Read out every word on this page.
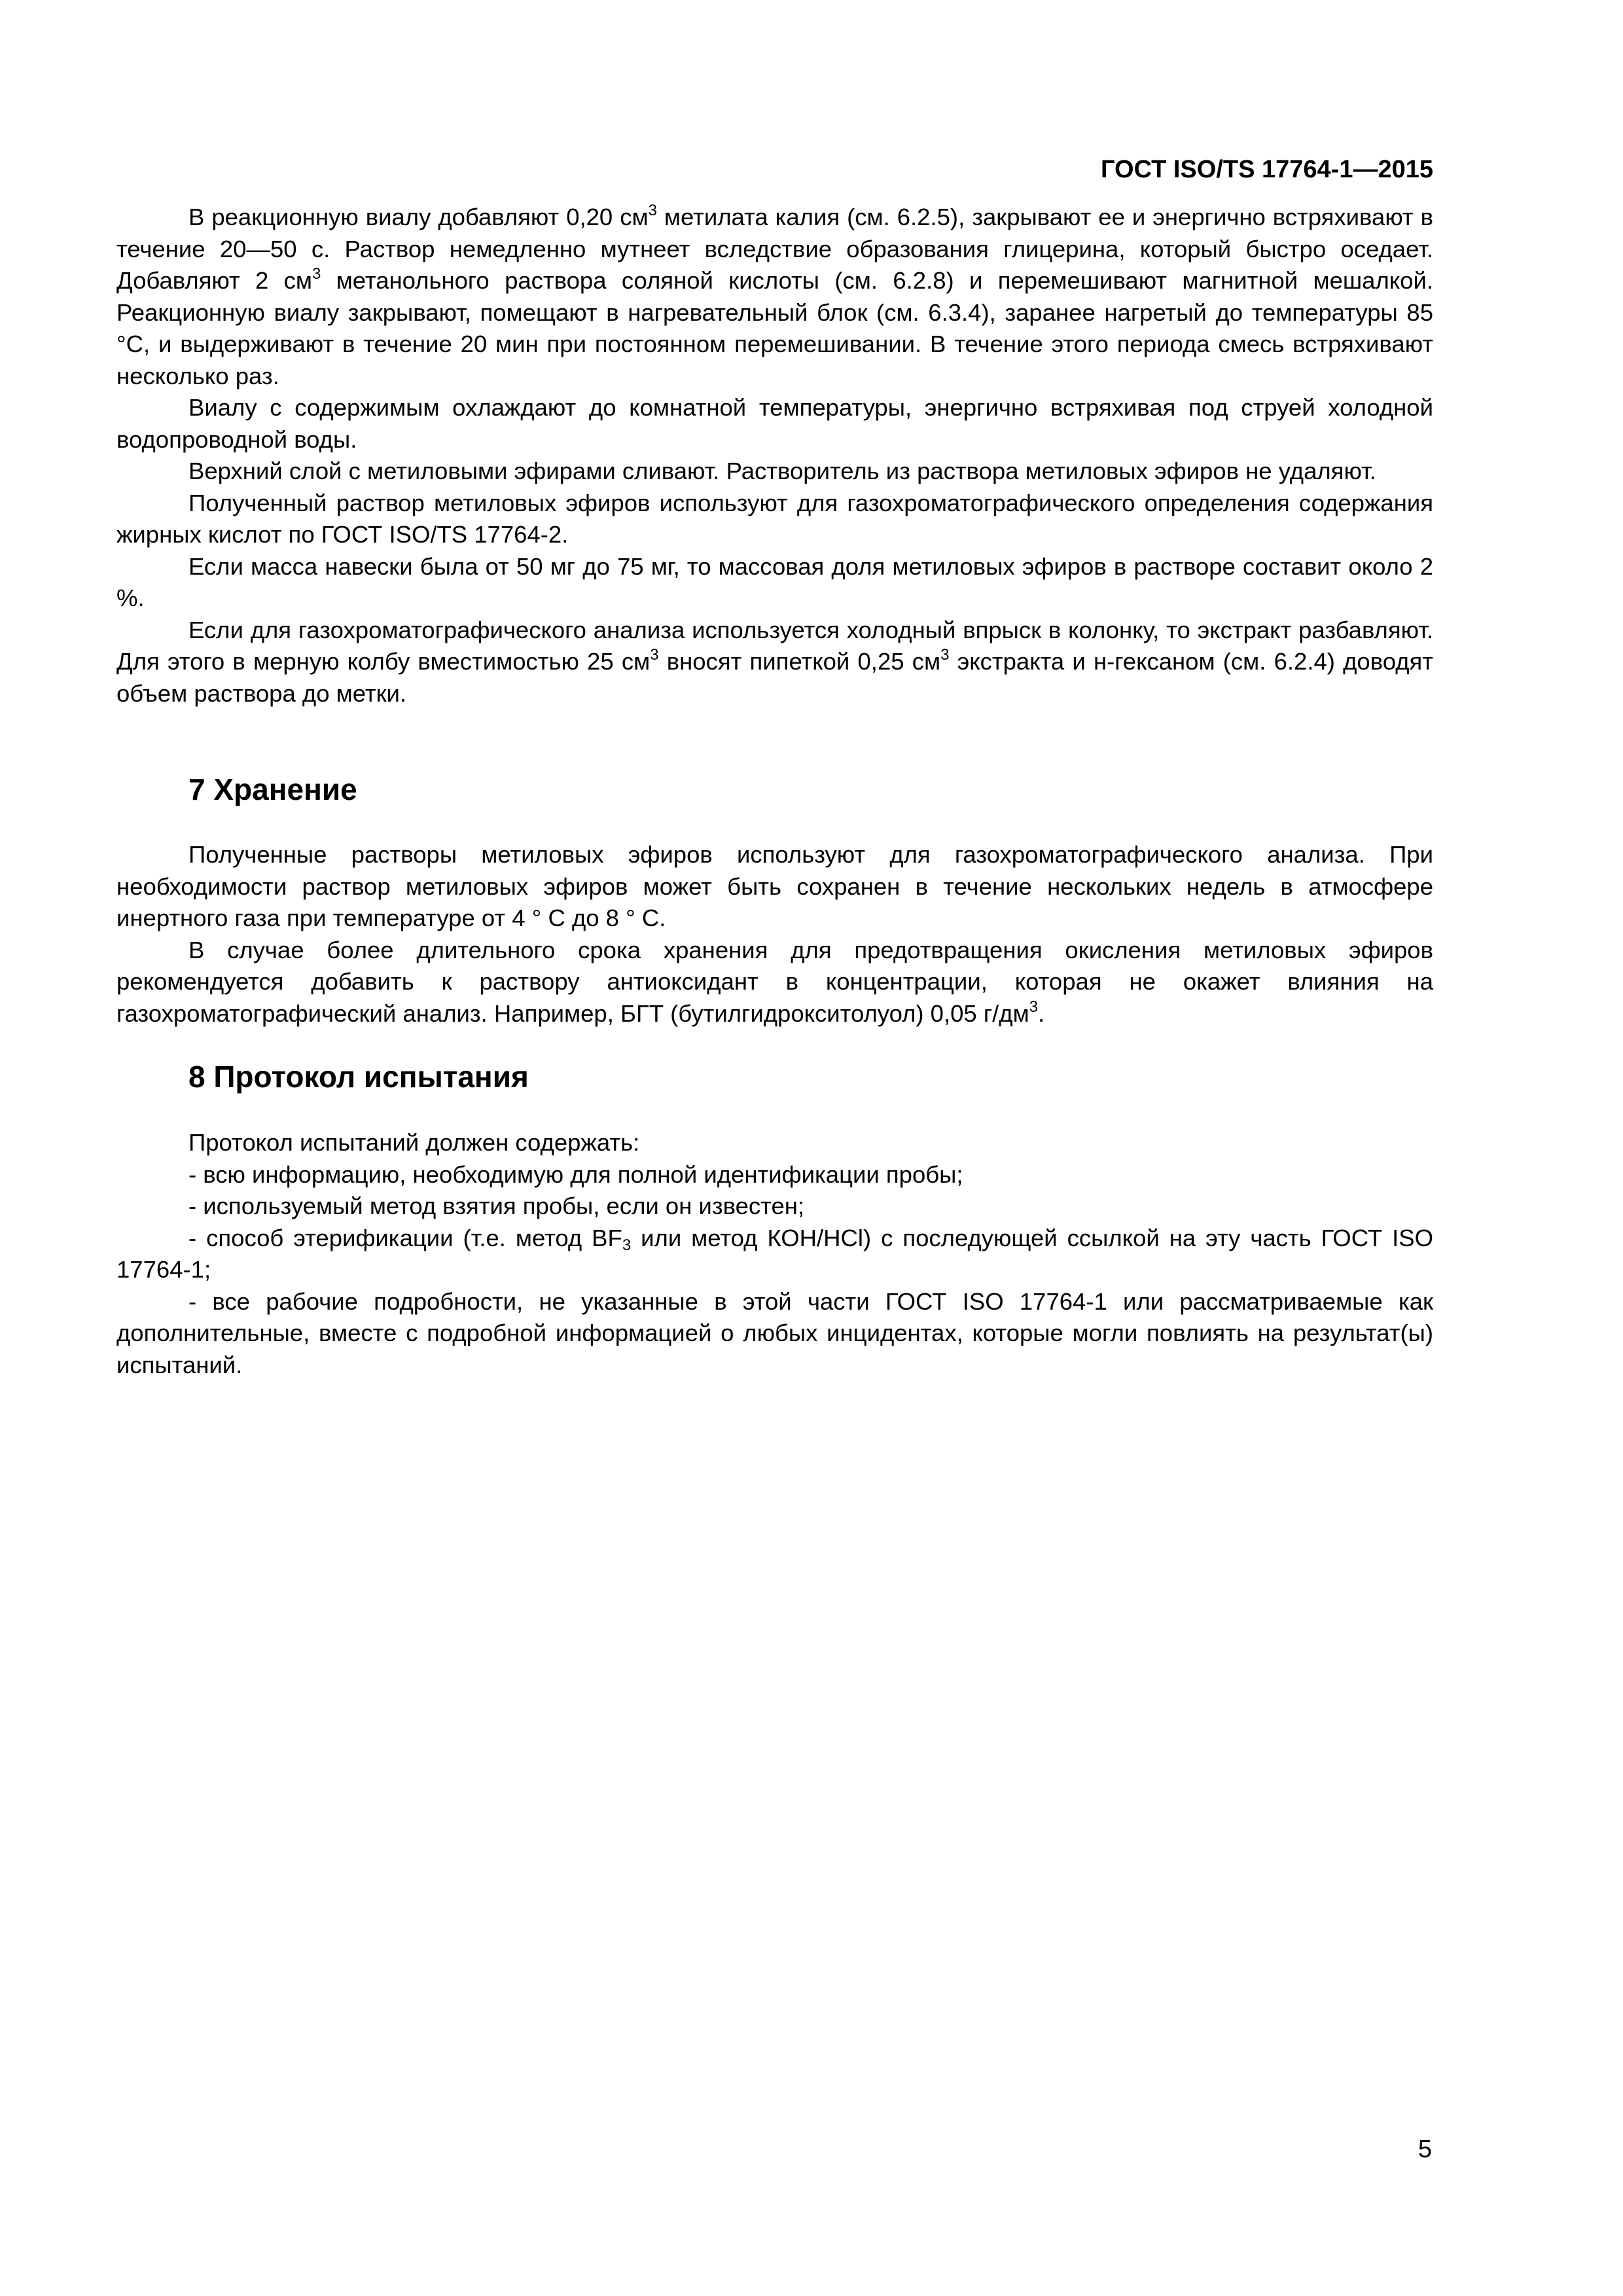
ГОСТ ISO/TS 17764-1—2015

В реакционную виалу добавляют 0,20 $см^3$ метилата калия (см. 6.2.5), закрывают ее и энергично встряхивают в течение 20—50 с. Раствор немедленно мутнеет вследствие образования глицерина, который быстро оседает. Добавляют 2 $см^3$ метанольного раствора соляной кислоты (см. 6.2.8) и перемешивают магнитной мешалкой. Реакционную виалу закрывают, помещают в нагревательный блок (см. 6.3.4), заранее нагретый до температуры 85 °C, и выдерживают в течение 20 мин при постоянном перемешивании. В течение этого периода смесь встряхивают несколько раз.

Виалу с содержимым охлаждают до комнатной температуры, энергично встряхивая под струей холодной водопроводной воды.

Верхний слой с метиловыми эфирами сливают. Растворитель из раствора метиловых эфиров не удаляют.

Полученный раствор метиловых эфиров используют для газохроматографического определения содержания жирных кислот по ГОСТ ISO/TS 17764-2.

Если масса навески была от 50 мг до 75 мг, то массовая доля метиловых эфиров в растворе составит около 2 %.

Если для газохроматографического анализа используется холодный впрыск в колонку, то экстракт разбавляют. Для этого в мерную колбу вместимостью 25 $см^3$ вносят пипеткой 0,25 $см^3$ экстракта и н-гексаном (см. 6.2.4) доводят объем раствора до метки.

7 Хранение

Полученные растворы метиловых эфиров используют для газохроматографического анализа. При необходимости раствор метиловых эфиров может быть сохранен в течение нескольких недель в атмосфере инертного газа при температуре от 4 ° C до 8 ° C.

В случае более длительного срока хранения для предотвращения окисления метиловых эфиров рекомендуется добавить к раствору антиоксидант в концентрации, которая не окажет влияния на газохроматографический анализ. Например, БГТ (бутилгидрокситолуол) 0,05 $г/дм^3$.

8 Протокол испытания

Протокол испытаний должен содержать:

- всю информацию, необходимую для полной идентификации пробы;

- используемый метод взятия пробы, если он известен;

- способ этерификации (т.е. метод $BF_3$ или метод КОН/HCl) с последующей ссылкой на эту часть ГОСТ ISO 17764-1;

- все рабочие подробности, не указанные в этой части ГОСТ ISO 17764-1 или рассматриваемые как дополнительные, вместе с подробной информацией о любых инцидентах, которые могли повлиять на результат(ы) испытаний.

5
